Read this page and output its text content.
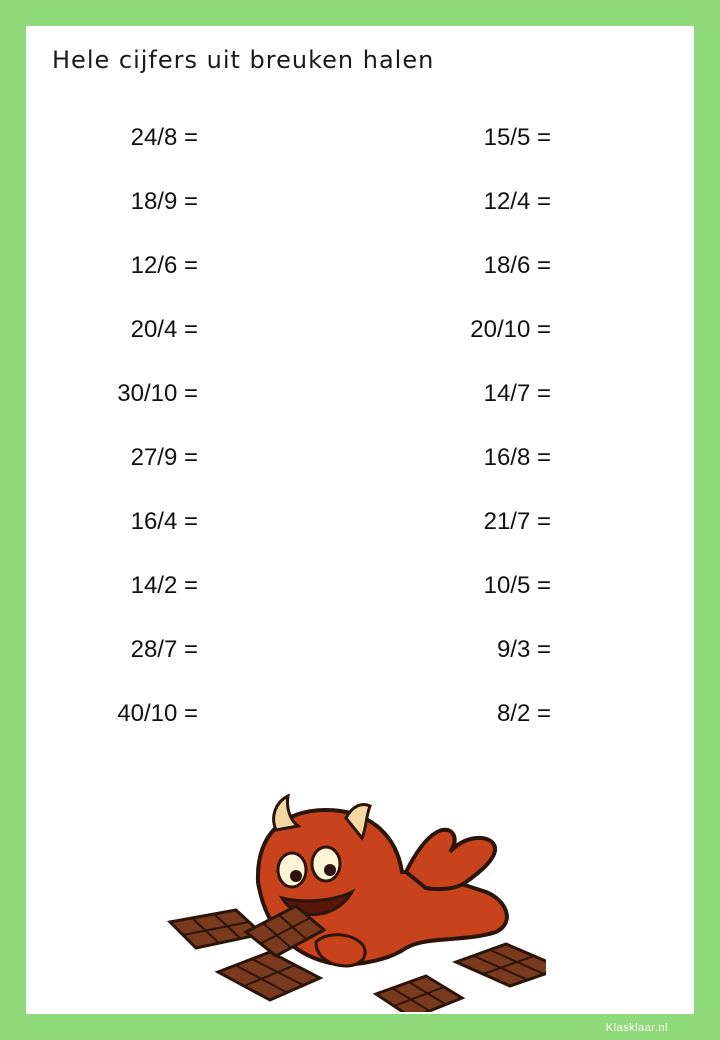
Hele cijfers uit breuken halen
24/8 =
18/9 =
12/6 =
20/4 =
30/10 =
27/9 =
16/4 =
14/2 =
28/7 =
40/10 =
15/5 =
12/4 =
18/6 =
20/10 =
14/7 =
16/8 =
21/7 =
10/5 =
9/3 =
8/2 =
Klasklaar.nl
